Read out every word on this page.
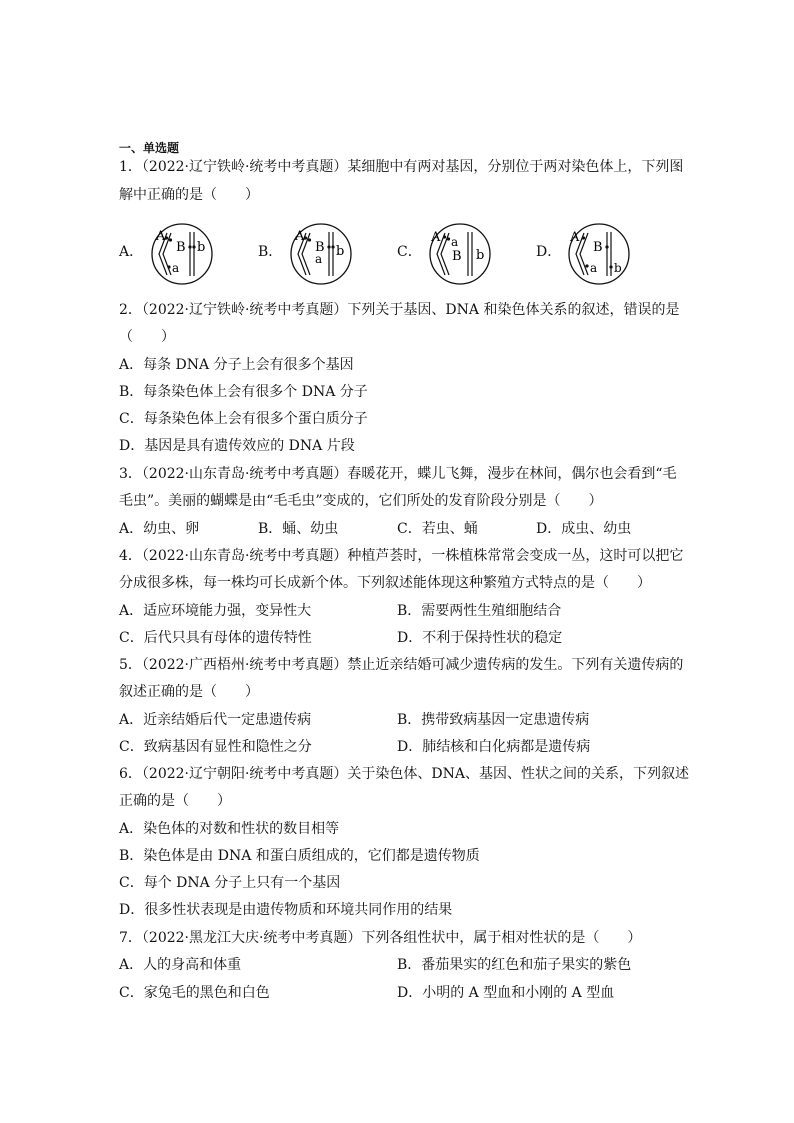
一、单选题
1．（2022·辽宁铁岭·统考中考真题）某细胞中有两对基因，分别位于两对染色体上，下列图
解中正确的是（　　）
A．
A
B b
a
B．
A
B b
a	C．
A a
B b	D．
A
B
a b
2．（2022·辽宁铁岭·统考中考真题）下列关于基因、DNA 和染色体关系的叙述，错误的是
（　　）
A．每条 DNA 分子上会有很多个基因
B．每条染色体上会有很多个 DNA 分子
C．每条染色体上会有很多个蛋白质分子
D．基因是具有遗传效应的 DNA 片段
3．（2022·山东青岛·统考中考真题）春暖花开，蝶儿飞舞，漫步在林间，偶尔也会看到“毛
毛虫”。美丽的蝴蝶是由“毛毛虫”变成的，它们所处的发育阶段分别是（　　）
A．幼虫、卵	B．蛹、幼虫	C．若虫、蛹	D．成虫、幼虫
4．（2022·山东青岛·统考中考真题）种植芦荟时，一株植株常常会变成一丛，这时可以把它
分成很多株，每一株均可长成新个体。下列叙述能体现这种繁殖方式特点的是（　　）
A．适应环境能力强，变异性大	B．需要两性生殖细胞结合
C．后代只具有母体的遗传特性	D．不利于保持性状的稳定
5．（2022·广西梧州·统考中考真题）禁止近亲结婚可减少遗传病的发生。下列有关遗传病的
叙述正确的是（　　）
A．近亲结婚后代一定患遗传病	B．携带致病基因一定患遗传病
C．致病基因有显性和隐性之分	D．肺结核和白化病都是遗传病
6．（2022·辽宁朝阳·统考中考真题）关于染色体、DNA、基因、性状之间的关系，下列叙述
正确的是（　　）
A．染色体的对数和性状的数目相等
B．染色体是由 DNA 和蛋白质组成的，它们都是遗传物质
C．每个 DNA 分子上只有一个基因
D．很多性状表现是由遗传物质和环境共同作用的结果
7．（2022·黑龙江大庆·统考中考真题）下列各组性状中，属于相对性状的是（　　）
A．人的身高和体重	B．番茄果实的红色和茄子果实的紫色
C．家兔毛的黑色和白色	D．小明的 A 型血和小刚的 A 型血
